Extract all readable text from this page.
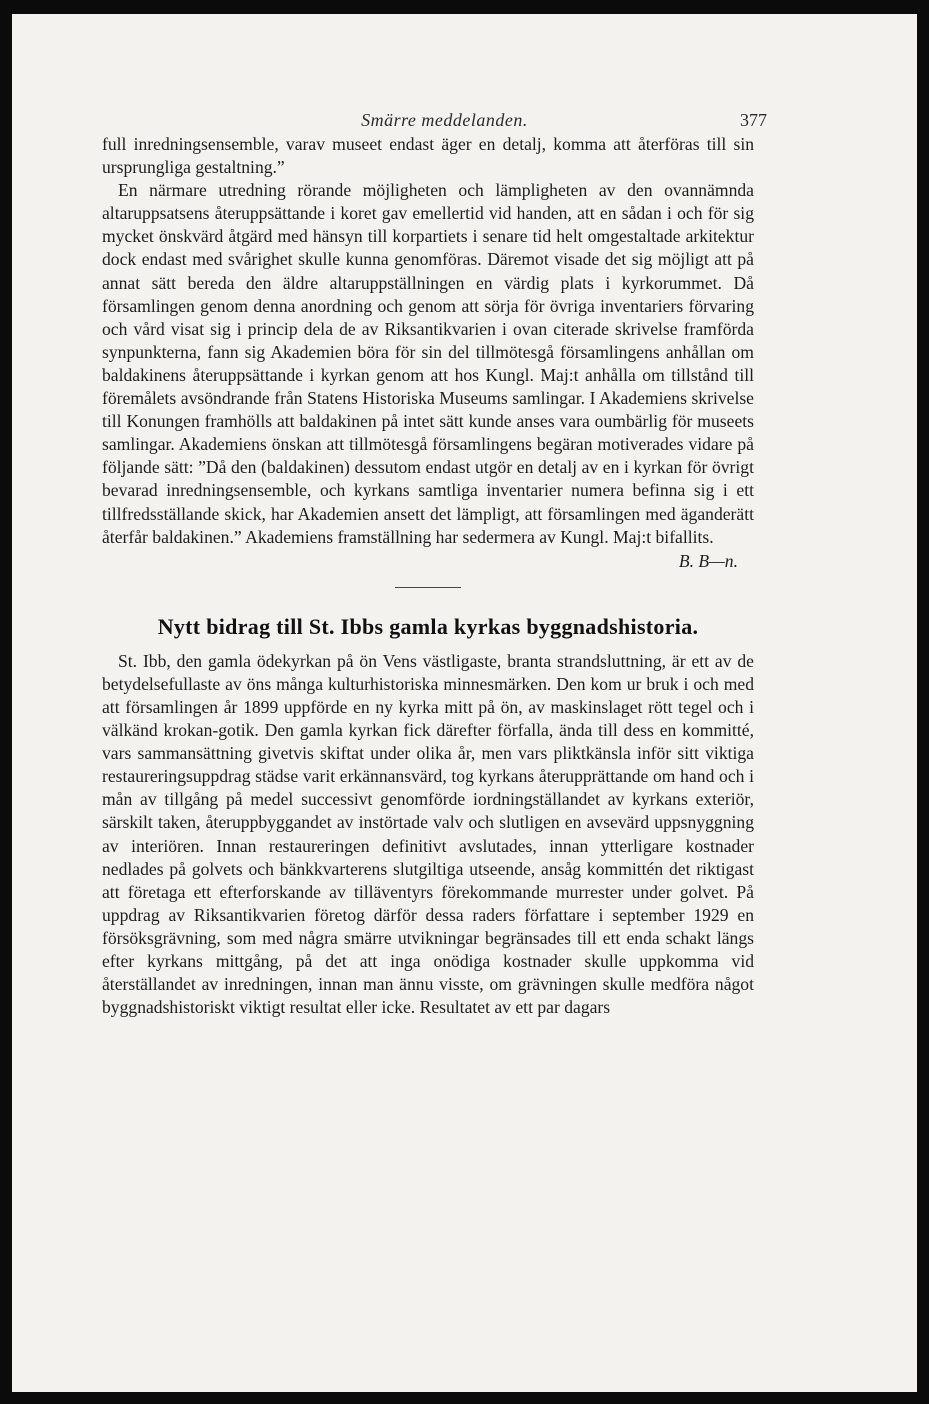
Smärre meddelanden.	377

full inredningsensemble, varav museet endast äger en detalj, komma att återföras till sin ursprungliga gestaltning.”

En närmare utredning rörande möjligheten och lämpligheten av den ovannämnda altaruppsatsens återuppsättande i koret gav emellertid vid handen, att en sådan i och för sig mycket önskvärd åtgärd med hänsyn till korpartiets i senare tid helt omgestaltade arkitektur dock endast med svårighet skulle kunna genomföras. Däremot visade det sig möjligt att på annat sätt bereda den äldre altaruppställningen en värdig plats i kyrkorummet. Då församlingen genom denna anordning och genom att sörja för övriga inventariers förvaring och vård visat sig i princip dela de av Riksantikvarien i ovan citerade skrivelse framförda synpunkterna, fann sig Akademien böra för sin del tillmötesgå församlingens anhållan om baldakinens återuppsättande i kyrkan genom att hos Kungl. Maj:t anhålla om tillstånd till föremålets avsöndrande från Statens Historiska Museums samlingar. I Akademiens skrivelse till Konungen framhölls att baldakinen på intet sätt kunde anses vara oumbärlig för museets samlingar. Akademiens önskan att tillmötesgå församlingens begäran motiverades vidare på följande sätt: ”Då den (baldakinen) dessutom endast utgör en detalj av en i kyrkan för övrigt bevarad inredningsensemble, och kyrkans samtliga inventarier numera befinna sig i ett tillfredsställande skick, har Akademien ansett det lämpligt, att församlingen med äganderätt återfår baldakinen.” Akademiens framställning har sedermera av Kungl. Maj:t bifallits.

B. B—n.

Nytt bidrag till St. Ibbs gamla kyrkas byggnadshistoria.

St. Ibb, den gamla ödekyrkan på ön Vens västligaste, branta strandsluttning, är ett av de betydelsefullaste av öns många kulturhistoriska minnesmärken. Den kom ur bruk i och med att församlingen år 1899 uppförde en ny kyrka mitt på ön, av maskinslaget rött tegel och i välkänd krokan-gotik. Den gamla kyrkan fick därefter förfalla, ända till dess en kommitté, vars sammansättning givetvis skiftat under olika år, men vars pliktkänsla inför sitt viktiga restaureringsuppdrag städse varit erkännansvärd, tog kyrkans återupprättande om hand och i mån av tillgång på medel successivt genomförde iordningställandet av kyrkans exteriör, särskilt taken, återuppbyggandet av instörtade valv och slutligen en avsevärd uppsnyggning av interiören. Innan restaureringen definitivt avslutades, innan ytterligare kostnader nedlades på golvets och bänkkvarterens slutgiltiga utseende, ansåg kommittén det riktigast att företaga ett efterforskande av tilläventyrs förekommande murrester under golvet. På uppdrag av Riksantikvarien företog därför dessa raders författare i september 1929 en försöksgrävning, som med några smärre utvikningar begränsades till ett enda schakt längs efter kyrkans mittgång, på det att inga onödiga kostnader skulle uppkomma vid återställandet av inredningen, innan man ännu visste, om grävningen skulle medföra något byggnadshistoriskt viktigt resultat eller icke. Resultatet av ett par dagars
